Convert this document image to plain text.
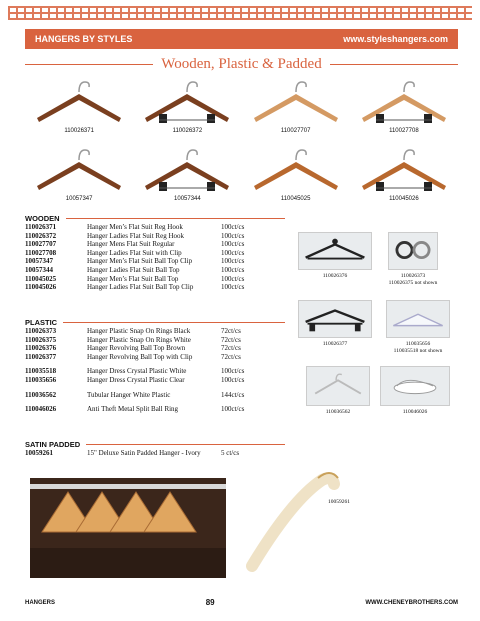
HANGERS BY STYLES	www.styleshangers.com
Wooden, Plastic & Padded
110026371	110026372	110027707	110027708
10057347	10057344	110045025	110045026
WOODEN
110026371	Hanger Men’s Flat Suit Reg Hook	100ct/cs
110026372	Hanger Ladies Flat Suit Reg Hook	100ct/cs
110027707	Hanger Mens Flat Suit Regular	100ct/cs
110027708	Hanger Ladies Flat Suit with Clip	100ct/cs
10057347	Hanger Men’s Flat Suit Ball Top Clip	100ct/cs
10057344	Hanger Ladies Flat Suit Ball Top	100ct/cs
110045025	Hanger Men’s Flat Suit Ball Top	100ct/cs
110045026	Hanger Ladies Flat Suit Ball Top Clip	100ct/cs
PLASTIC
110026373	Hanger Plastic Snap On Rings Black	72ct/cs
110026375	Hanger Plastic Snap On Rings White	72ct/cs
110026376	Hanger Revolving Ball Top Brown	72ct/cs
110026377	Hanger Revolving Ball Top with Clip	72ct/cs
110035518	Hanger Dress Crystal Plastic White	100ct/cs
110035656	Hanger Dress Crystal Plastic Clear	100ct/cs
110036562	Tubular Hanger White Plastic	144ct/cs
110046026	Anti Theft Metal Split Ball Ring	100ct/cs
SATIN PADDED
10059261	15" Deluxe Satin Padded Hanger - Ivory	5 ct/cs
110026376	110026373
110026375 not shown
110026377	110035656
110035518 not shown
110036562	110046026
10059261
HANGERS	89	WWW.CHENEYBROTHERS.COM
